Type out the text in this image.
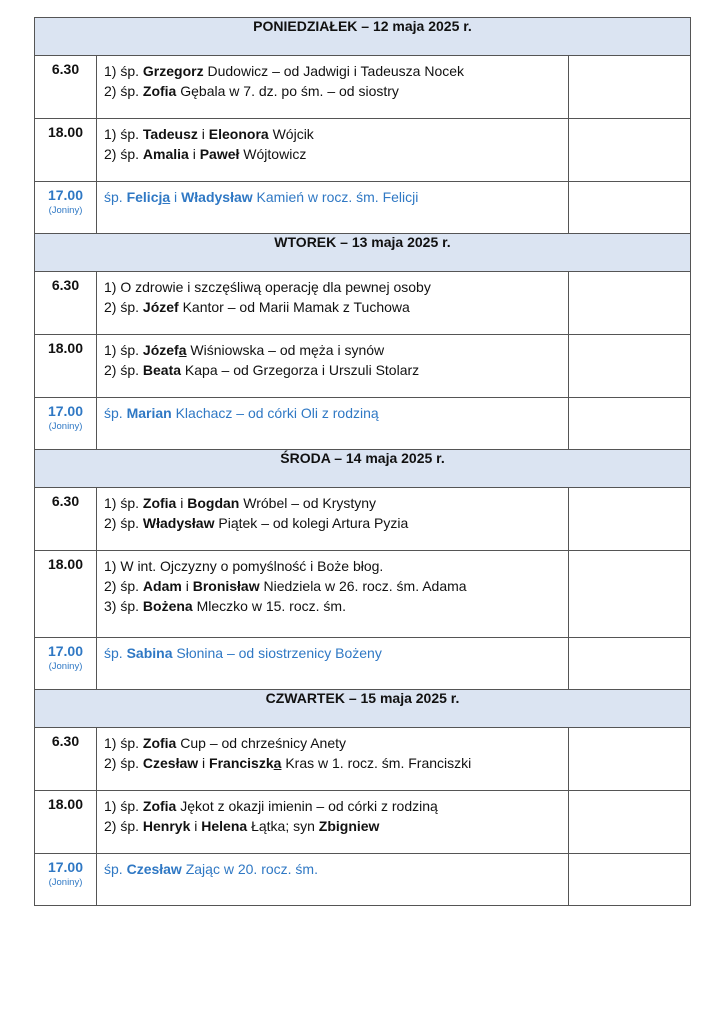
PONIEDZIAŁEK – 12 maja 2025 r.		
6.30	1) śp. Grzegorz Dudowicz – od Jadwigi i Tadeusza Nocek
2) śp. Zofia Gębala w 7. dz. po śm. – od siostry	

18.00	1) śp. Tadeusz i Eleonora Wójcik
2) śp. Amalia i Paweł Wójtowicz	

17.00
(Joniny)	śp. Felicja i Władysław Kamień w rocz. śm. Felicji	

WTOREK – 13 maja 2025 r.		
6.30	1) O zdrowie i szczęśliwą operację dla pewnej osoby
2) śp. Józef Kantor – od Marii Mamak z Tuchowa	

18.00	1) śp. Józefa Wiśniowska – od męża i synów
2) śp. Beata Kapa – od Grzegorza i Urszuli Stolarz	

17.00
(Joniny)	śp. Marian Klachacz – od córki Oli z rodziną	

ŚRODA – 14 maja 2025 r.		
6.30	1) śp. Zofia i Bogdan Wróbel – od Krystyny
2) śp. Władysław Piątek – od kolegi Artura Pyzia	

18.00	1) W int. Ojczyzny o pomyślność i Boże błog.
2) śp. Adam i Bronisław Niedziela w 26. rocz. śm. Adama
3) śp. Bożena Mleczko w 15. rocz. śm.	

17.00
(Joniny)	śp. Sabina Słonina – od siostrzenicy Bożeny	

CZWARTEK – 15 maja 2025 r.		
6.30	1) śp. Zofia Cup – od chrześnicy Anety
2) śp. Czesław i Franciszka Kras w 1. rocz. śm. Franciszki	

18.00	1) śp. Zofia Jękot z okazji imienin – od córki z rodziną
2) śp. Henryk i Helena Łątka; syn Zbigniew	

17.00
(Joniny)	śp. Czesław Zając w 20. rocz. śm.	
